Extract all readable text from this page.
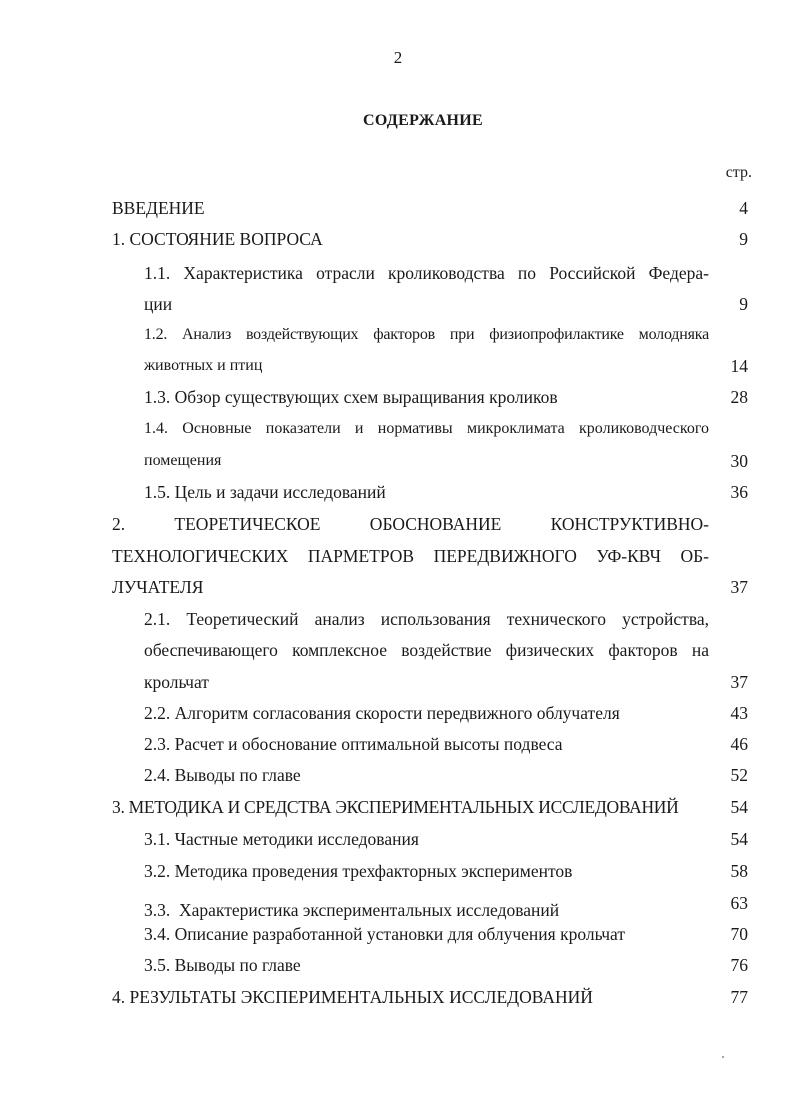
2
СОДЕРЖАНИЕ
стр.
ВВЕДЕНИЕ	4
1. СОСТОЯНИЕ ВОПРОСА	9
1.1. Характеристика отрасли кролиководства по Российской Федера-
ции	9
1.2. Анализ воздействующих факторов при физиопрофилактике молодняка
животных и птиц	14
1.3. Обзор существующих схем выращивания кроликов	28
1.4. Основные показатели и нормативы микроклимата кролиководческого
помещения	30
1.5. Цель и задачи исследований	36
2. ТЕОРЕТИЧЕСКОЕ ОБОСНОВАНИЕ КОНСТРУКТИВНО-
ТЕХНОЛОГИЧЕСКИХ ПАРМЕТРОВ ПЕРЕДВИЖНОГО УФ-КВЧ ОБ-
ЛУЧАТЕЛЯ	37
2.1. Теоретический анализ использования технического устройства,
обеспечивающего комплексное воздействие физических факторов на
крольчат	37
2.2. Алгоритм согласования скорости передвижного облучателя	43
2.3. Расчет и обоснование оптимальной высоты подвеса	46
2.4. Выводы по главе	52
3. МЕТОДИКА И СРЕДСТВА ЭКСПЕРИМЕНТАЛЬНЫХ ИССЛЕДОВАНИЙ	54
3.1. Частные методики исследования	54
3.2. Методика проведения трехфакторных экспериментов	58
3.3.  Характеристика экспериментальных исследований	63
3.4. Описание разработанной установки для облучения крольчат	70
3.5. Выводы по главе	76
4. РЕЗУЛЬТАТЫ ЭКСПЕРИМЕНТАЛЬНЫХ ИССЛЕДОВАНИЙ	77
